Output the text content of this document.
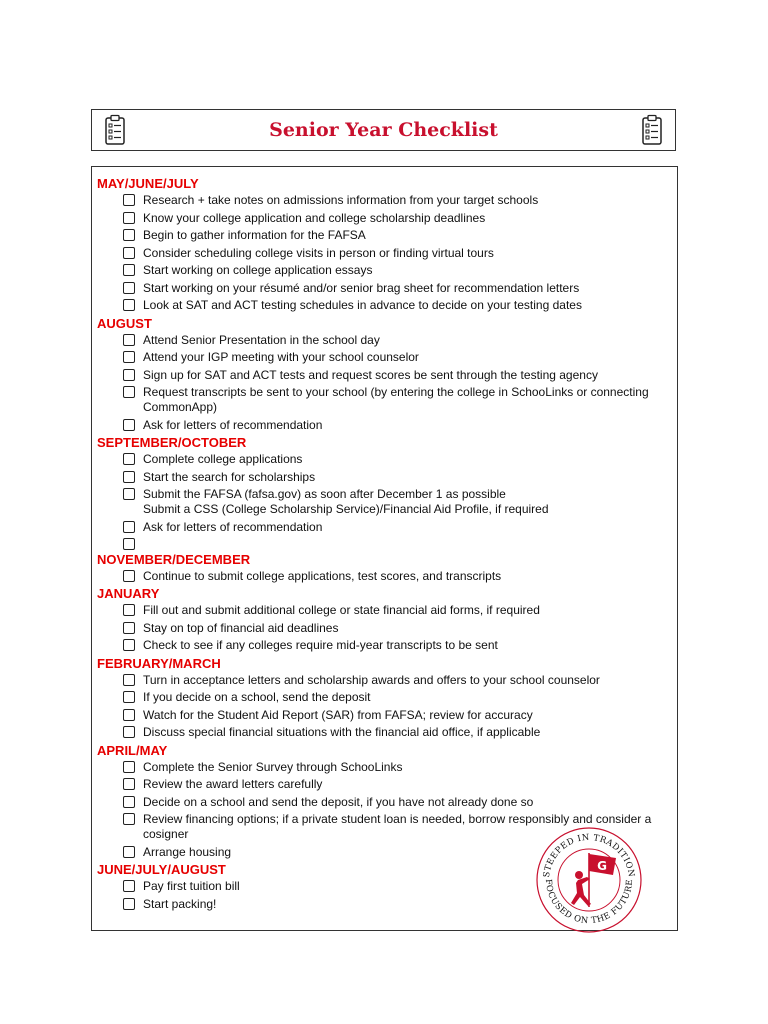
Senior Year Checklist
MAY/JUNE/JULY
Research + take notes on admissions information from your target schools
Know your college application and college scholarship deadlines
Begin to gather information for the FAFSA
Consider scheduling college visits in person or finding virtual tours
Start working on college application essays
Start working on your résumé and/or senior brag sheet for recommendation letters
Look at SAT and ACT testing schedules in advance to decide on your testing dates
AUGUST
Attend Senior Presentation in the school day
Attend your IGP meeting with your school counselor
Sign up for SAT and ACT tests and request scores be sent through the testing agency
Request transcripts be sent to your school (by entering the college in SchooLinks or connecting CommonApp)
Ask for letters of recommendation
SEPTEMBER/OCTOBER
Complete college applications
Start the search for scholarships
Submit the FAFSA (fafsa.gov) as soon after December 1 as possible
Submit a CSS (College Scholarship Service)/Financial Aid Profile, if required
Ask for letters of recommendation
NOVEMBER/DECEMBER
Continue to submit college applications, test scores, and transcripts
JANUARY
Fill out and submit additional college or state financial aid forms, if required
Stay on top of financial aid deadlines
Check to see if any colleges require mid-year transcripts to be sent
FEBRUARY/MARCH
Turn in acceptance letters and scholarship awards and offers to your school counselor
If you decide on a school, send the deposit
Watch for the Student Aid Report (SAR) from FAFSA; review for accuracy
Discuss special financial situations with the financial aid office, if applicable
APRIL/MAY
Complete the Senior Survey through SchooLinks
Review the award letters carefully
Decide on a school and send the deposit, if you have not already done so
Review financing options; if a private student loan is needed, borrow responsibly and consider a cosigner
Arrange housing
JUNE/JULY/AUGUST
Pay first tuition bill
Start packing!
STEEPED IN TRADITION
FOCUSED ON THE FUTURE
G
